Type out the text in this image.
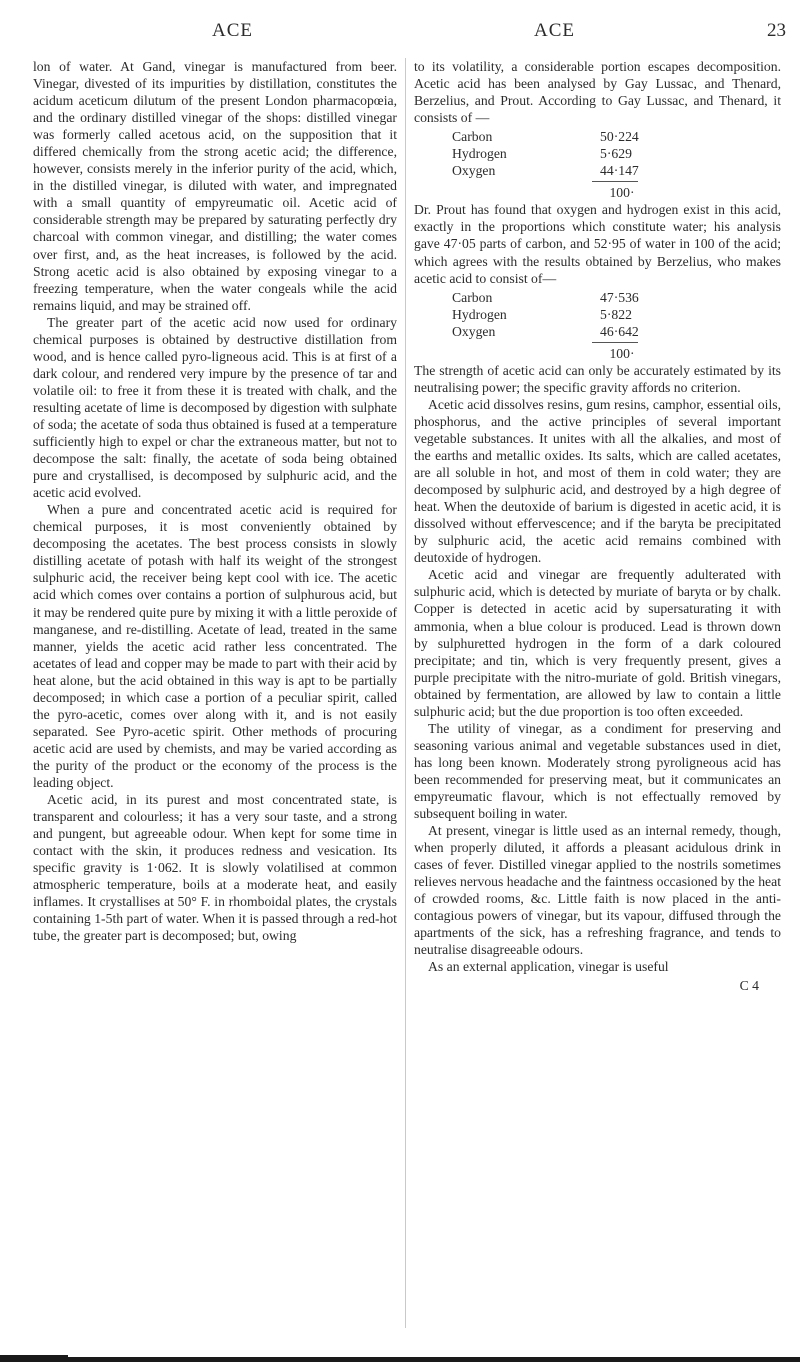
ACE	ACE	23

lon of water. At Gand, vinegar is manufactured from beer. Vinegar, divested of its impurities by distillation, constitutes the acidum aceticum dilutum of the present London pharmacopœia, and the ordinary distilled vinegar of the shops: distilled vinegar was formerly called acetous acid, on the supposition that it differed chemically from the strong acetic acid; the difference, however, consists merely in the inferior purity of the acid, which, in the distilled vinegar, is diluted with water, and impregnated with a small quantity of empyreumatic oil. Acetic acid of considerable strength may be prepared by saturating perfectly dry charcoal with common vinegar, and distilling; the water comes over first, and, as the heat increases, is followed by the acid. Strong acetic acid is also obtained by exposing vinegar to a freezing temperature, when the water congeals while the acid remains liquid, and may be strained off.

The greater part of the acetic acid now used for ordinary chemical purposes is obtained by destructive distillation from wood, and is hence called pyro-ligneous acid. This is at first of a dark colour, and rendered very impure by the presence of tar and volatile oil: to free it from these it is treated with chalk, and the resulting acetate of lime is decomposed by digestion with sulphate of soda; the acetate of soda thus obtained is fused at a temperature sufficiently high to expel or char the extraneous matter, but not to decompose the salt: finally, the acetate of soda being obtained pure and crystallised, is decomposed by sulphuric acid, and the acetic acid evolved.

When a pure and concentrated acetic acid is required for chemical purposes, it is most conveniently obtained by decomposing the acetates. The best process consists in slowly distilling acetate of potash with half its weight of the strongest sulphuric acid, the receiver being kept cool with ice. The acetic acid which comes over contains a portion of sulphurous acid, but it may be rendered quite pure by mixing it with a little peroxide of manganese, and re-distilling. Acetate of lead, treated in the same manner, yields the acetic acid rather less concentrated. The acetates of lead and copper may be made to part with their acid by heat alone, but the acid obtained in this way is apt to be partially decomposed; in which case a portion of a peculiar spirit, called the pyro-acetic, comes over along with it, and is not easily separated. See Pyro-acetic spirit. Other methods of procuring acetic acid are used by chemists, and may be varied according as the purity of the product or the economy of the process is the leading object.

Acetic acid, in its purest and most concentrated state, is transparent and colourless; it has a very sour taste, and a strong and pungent, but agreeable odour. When kept for some time in contact with the skin, it produces redness and vesication. Its specific gravity is 1·062. It is slowly volatilised at common atmospheric temperature, boils at a moderate heat, and easily inflames. It crystallises at 50° F. in rhomboidal plates, the crystals containing 1-5th part of water. When it is passed through a red-hot tube, the greater part is decomposed; but, owing

to its volatility, a considerable portion escapes decomposition. Acetic acid has been analysed by Gay Lussac, and Thenard, Berzelius, and Prout. According to Gay Lussac, and Thenard, it consists of —

Carbon	50·224
Hydrogen	5·629
Oxygen	44·147
100·

Dr. Prout has found that oxygen and hydrogen exist in this acid, exactly in the proportions which constitute water; his analysis gave 47·05 parts of carbon, and 52·95 of water in 100 of the acid; which agrees with the results obtained by Berzelius, who makes acetic acid to consist of—

Carbon	47·536
Hydrogen	5·822
Oxygen	46·642
100·

The strength of acetic acid can only be accurately estimated by its neutralising power; the specific gravity affords no criterion.

Acetic acid dissolves resins, gum resins, camphor, essential oils, phosphorus, and the active principles of several important vegetable substances. It unites with all the alkalies, and most of the earths and metallic oxides. Its salts, which are called acetates, are all soluble in hot, and most of them in cold water; they are decomposed by sulphuric acid, and destroyed by a high degree of heat. When the deutoxide of barium is digested in acetic acid, it is dissolved without effervescence; and if the baryta be precipitated by sulphuric acid, the acetic acid remains combined with deutoxide of hydrogen.

Acetic acid and vinegar are frequently adulterated with sulphuric acid, which is detected by muriate of baryta or by chalk. Copper is detected in acetic acid by supersaturating it with ammonia, when a blue colour is produced. Lead is thrown down by sulphuretted hydrogen in the form of a dark coloured precipitate; and tin, which is very frequently present, gives a purple precipitate with the nitro-muriate of gold. British vinegars, obtained by fermentation, are allowed by law to contain a little sulphuric acid; but the due proportion is too often exceeded.

The utility of vinegar, as a condiment for preserving and seasoning various animal and vegetable substances used in diet, has long been known. Moderately strong pyroligneous acid has been recommended for preserving meat, but it communicates an empyreumatic flavour, which is not effectually removed by subsequent boiling in water.

At present, vinegar is little used as an internal remedy, though, when properly diluted, it affords a pleasant acidulous drink in cases of fever. Distilled vinegar applied to the nostrils sometimes relieves nervous headache and the faintness occasioned by the heat of crowded rooms, &c. Little faith is now placed in the anti-contagious powers of vinegar, but its vapour, diffused through the apartments of the sick, has a refreshing fragrance, and tends to neutralise disagreeable odours.

As an external application, vinegar is useful

C 4
